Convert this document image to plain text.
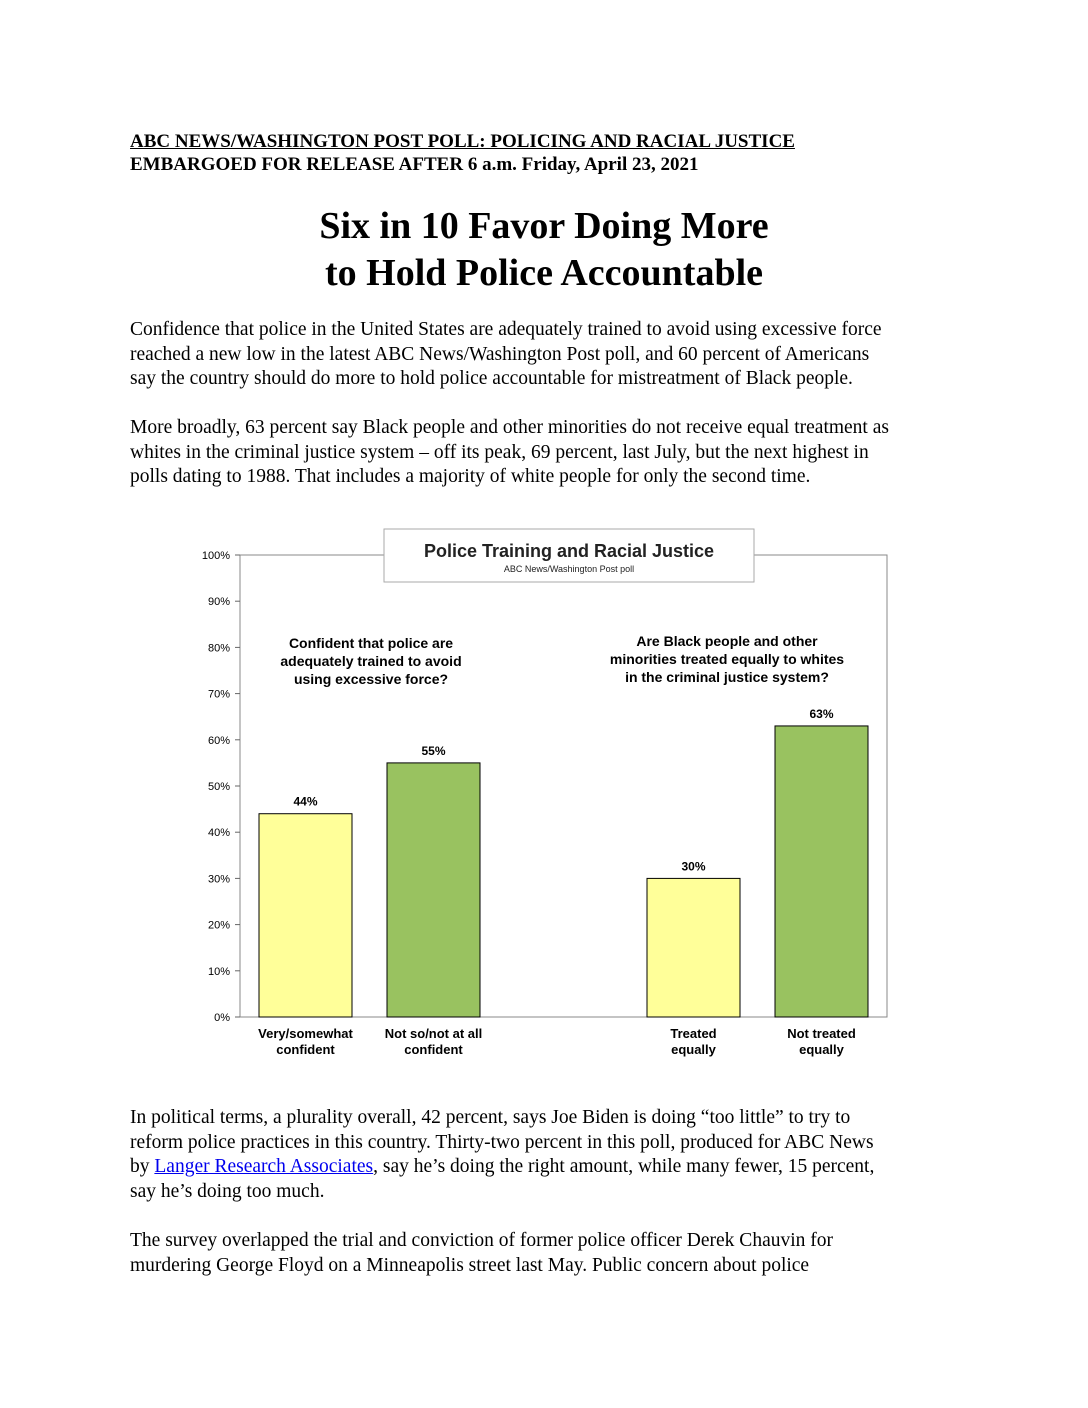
ABC NEWS/WASHINGTON POST POLL: POLICING AND RACIAL JUSTICE
EMBARGOED FOR RELEASE AFTER 6 a.m. Friday, April 23, 2021
Six in 10 Favor Doing More
to Hold Police Accountable
Confidence that police in the United States are adequately trained to avoid using excessive force
reached a new low in the latest ABC News/Washington Post poll, and 60 percent of Americans
say the country should do more to hold police accountable for mistreatment of Black people.
More broadly, 63 percent say Black people and other minorities do not receive equal treatment as
whites in the criminal justice system – off its peak, 69 percent, last July, but the next highest in
polls dating to 1988. That includes a majority of white people for only the second time.
0%
10%
20%
30%
40%
50%
60%
70%
80%
90%
100%	Police Training and Racial Justice
ABC News/Washington Post poll
Confident that police are
adequately trained to avoid
using excessive force?
44%
Very/somewhat
confident
55%
Not so/not at all
confident
Are Black people and other
minorities treated equally to whites
in the criminal justice system?
30%
Treated
equally
63%
Not treated
equally
In political terms, a plurality overall, 42 percent, says Joe Biden is doing “too little” to try to
reform police practices in this country. Thirty-two percent in this poll, produced for ABC News
by Langer Research Associates, say he’s doing the right amount, while many fewer, 15 percent,
say he’s doing too much.
The survey overlapped the trial and conviction of former police officer Derek Chauvin for
murdering George Floyd on a Minneapolis street last May. Public concern about police
